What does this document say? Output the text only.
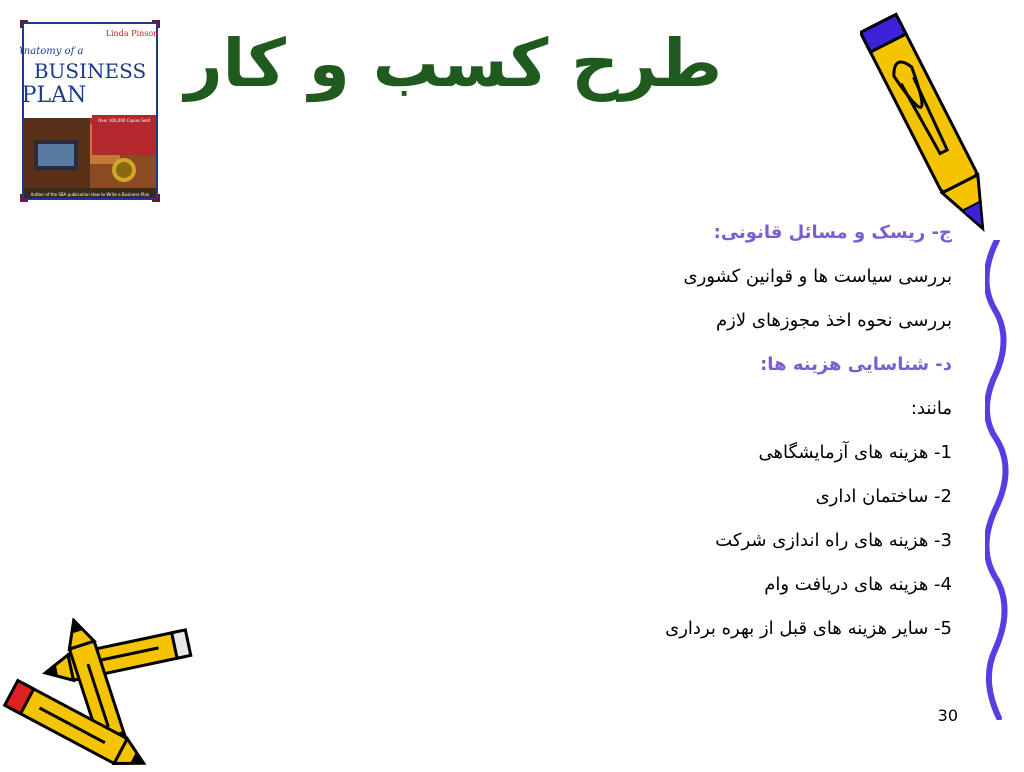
Linda Pinson
Anatomy of a
BUSINESS
PLAN
Over 100,000 Copies Sold
Author of the SBA publication How to Write a Business Plan
طرح کسب و کار
ج- ریسک و مسائل قانونی:
بررسی سیاست ها و قوانین کشوری
بررسی نحوه اخذ مجوزهای لازم
د- شناسایی هزینه ها:
مانند:
1- هزینه های آزمایشگاهی
2- ساختمان اداری
3- هزینه های راه اندازی شرکت
4- هزینه های دریافت وام
5- سایر هزینه های قبل از بهره برداری
30
